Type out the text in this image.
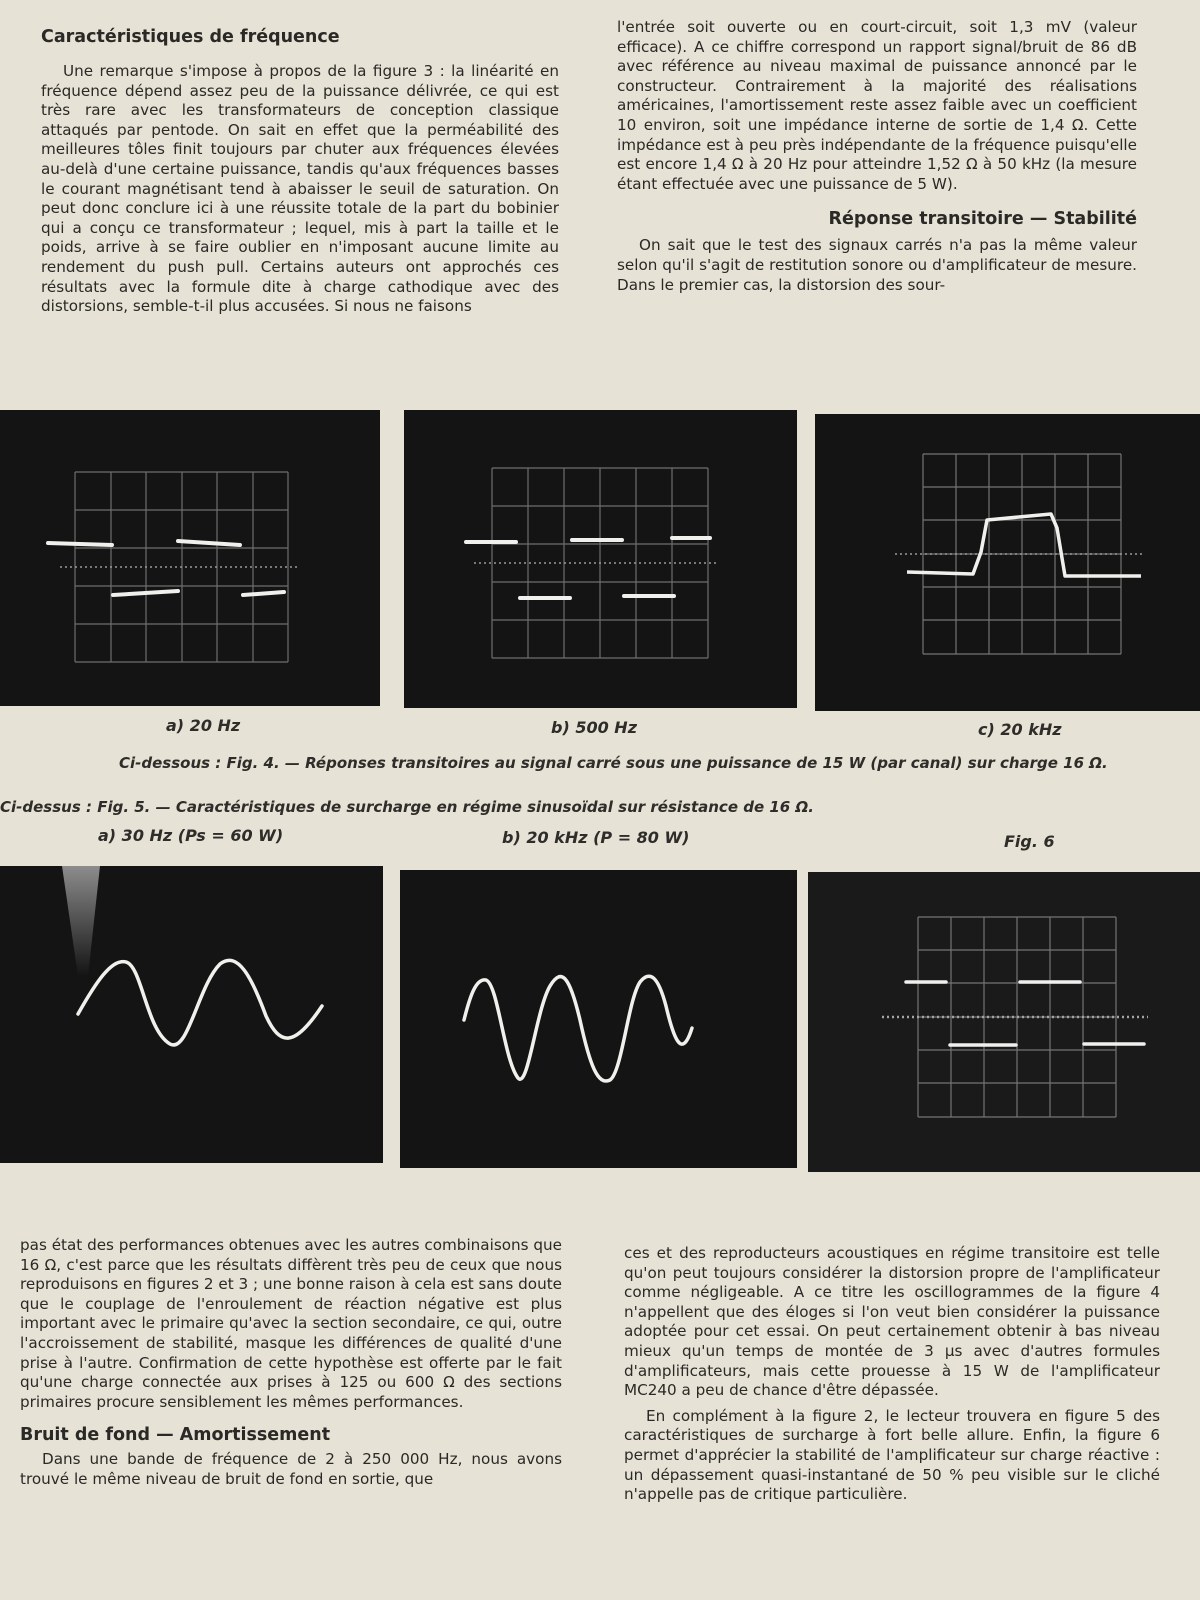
Caractéristiques de fréquence

Une remarque s'impose à propos de la figure 3 : la linéarité en fréquence dépend assez peu de la puissance délivrée, ce qui est très rare avec les transformateurs de conception classique attaqués par pentode. On sait en effet que la perméabilité des meilleures tôles finit toujours par chuter aux fréquences élevées au-delà d'une certaine puissance, tandis qu'aux fréquences basses le courant magnétisant tend à abaisser le seuil de saturation. On peut donc conclure ici à une réussite totale de la part du bobinier qui a conçu ce transformateur ; lequel, mis à part la taille et le poids, arrive à se faire oublier en n'imposant aucune limite au rendement du push pull. Certains auteurs ont approchés ces résultats avec la formule dite à charge cathodique avec des distorsions, semble-t-il plus accusées. Si nous ne faisons

l'entrée soit ouverte ou en court-circuit, soit 1,3 mV (valeur efficace). A ce chiffre correspond un rapport signal/bruit de 86 dB avec référence au niveau maximal de puissance annoncé par le constructeur. Contrairement à la majorité des réalisations américaines, l'amortissement reste assez faible avec un coefficient 10 environ, soit une impédance interne de sortie de 1,4 Ω. Cette impédance est à peu près indépendante de la fréquence puisqu'elle est encore 1,4 Ω à 20 Hz pour atteindre 1,52 Ω à 50 kHz (la mesure étant effectuée avec une puissance de 5 W).

Réponse transitoire — Stabilité

On sait que le test des signaux carrés n'a pas la même valeur selon qu'il s'agit de restitution sonore ou d'amplificateur de mesure. Dans le premier cas, la distorsion des sour-

a) 20 Hz	b) 500 Hz	c) 20 kHz
Ci-dessous : Fig. 4. — Réponses transitoires au signal carré sous une puissance de 15 W (par canal) sur charge 16 Ω.
Ci-dessus : Fig. 5. — Caractéristiques de surcharge en régime sinusoïdal sur résistance de 16 Ω.
a) 30 Hz (Ps = 60 W)	b) 20 kHz (P = 80 W)	Fig. 6

pas état des performances obtenues avec les autres combinaisons que 16 Ω, c'est parce que les résultats diffèrent très peu de ceux que nous reproduisons en figures 2 et 3 ; une bonne raison à cela est sans doute que le couplage de l'enroulement de réaction négative est plus important avec le primaire qu'avec la section secondaire, ce qui, outre l'accroissement de stabilité, masque les différences de qualité d'une prise à l'autre. Confirmation de cette hypothèse est offerte par le fait qu'une charge connectée aux prises à 125 ou 600 Ω des sections primaires procure sensiblement les mêmes performances.

Bruit de fond — Amortissement

Dans une bande de fréquence de 2 à 250 000 Hz, nous avons trouvé le même niveau de bruit de fond en sortie, que

ces et des reproducteurs acoustiques en régime transitoire est telle qu'on peut toujours considérer la distorsion propre de l'amplificateur comme négligeable. A ce titre les oscillogrammes de la figure 4 n'appellent que des éloges si l'on veut bien considérer la puissance adoptée pour cet essai. On peut certainement obtenir à bas niveau mieux qu'un temps de montée de 3 µs avec d'autres formules d'amplificateurs, mais cette prouesse à 15 W de l'amplificateur MC240 a peu de chance d'être dépassée.

En complément à la figure 2, le lecteur trouvera en figure 5 des caractéristiques de surcharge à fort belle allure. Enfin, la figure 6 permet d'apprécier la stabilité de l'amplificateur sur charge réactive : un dépassement quasi-instantané de 50 % peu visible sur le cliché n'appelle pas de critique particulière.
